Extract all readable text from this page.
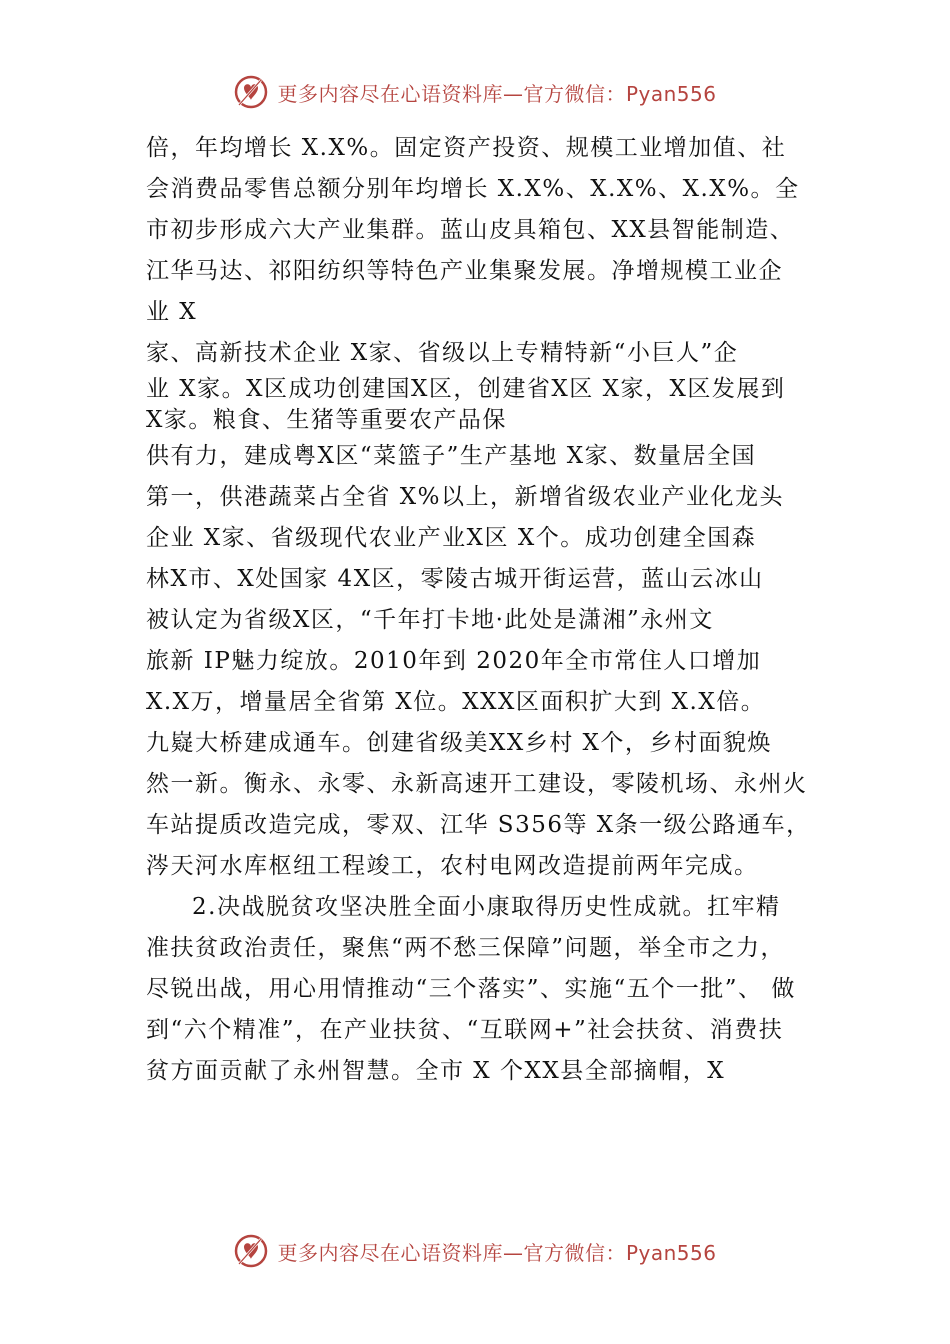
更多内容尽在心语资料库—官方微信：Pyan556
倍，年均增长 X.X%。固定资产投资、规模工业增加值、社
会消费品零售总额分别年均增长 X.X%、X.X%、X.X%。全
市初步形成六大产业集群。蓝山皮具箱包、XX县智能制造、
江华马达、祁阳纺织等特色产业集聚发展。净增规模工业企
业 X
家、高新技术企业 X家、省级以上专精特新“小巨人”企
业 X家。X区成功创建国X区，创建省X区 X家，X区发展到
X家。粮食、生猪等重要农产品保
供有力，建成粤X区“菜篮子”生产基地 X家、数量居全国
第一，供港蔬菜占全省 X%以上，新增省级农业产业化龙头
企业 X家、省级现代农业产业X区 X个。成功创建全国森
林X市、X处国家 4X区，零陵古城开街运营，蓝山云冰山
被认定为省级X区，“千年打卡地·此处是潇湘”永州文
旅新 IP魅力绽放。2010年到 2020年全市常住人口增加
X.X万，增量居全省第 X位。XXX区面积扩大到 X.X倍。
九嶷大桥建成通车。创建省级美XX乡村 X个，乡村面貌焕
然一新。衡永、永零、永新高速开工建设，零陵机场、永州火
车站提质改造完成，零双、江华 S356等 X条一级公路通车，
涔天河水库枢纽工程竣工，农村电网改造提前两年完成。
2.决战脱贫攻坚决胜全面小康取得历史性成就。扛牢精
准扶贫政治责任，聚焦“两不愁三保障”问题，举全市之力，
尽锐出战，用心用情推动“三个落实”、实施“五个一批”、 做
到“六个精准”，在产业扶贫、“互联网+”社会扶贫、消费扶
贫方面贡献了永州智慧。全市 X 个XX县全部摘帽，X
更多内容尽在心语资料库—官方微信：Pyan556
